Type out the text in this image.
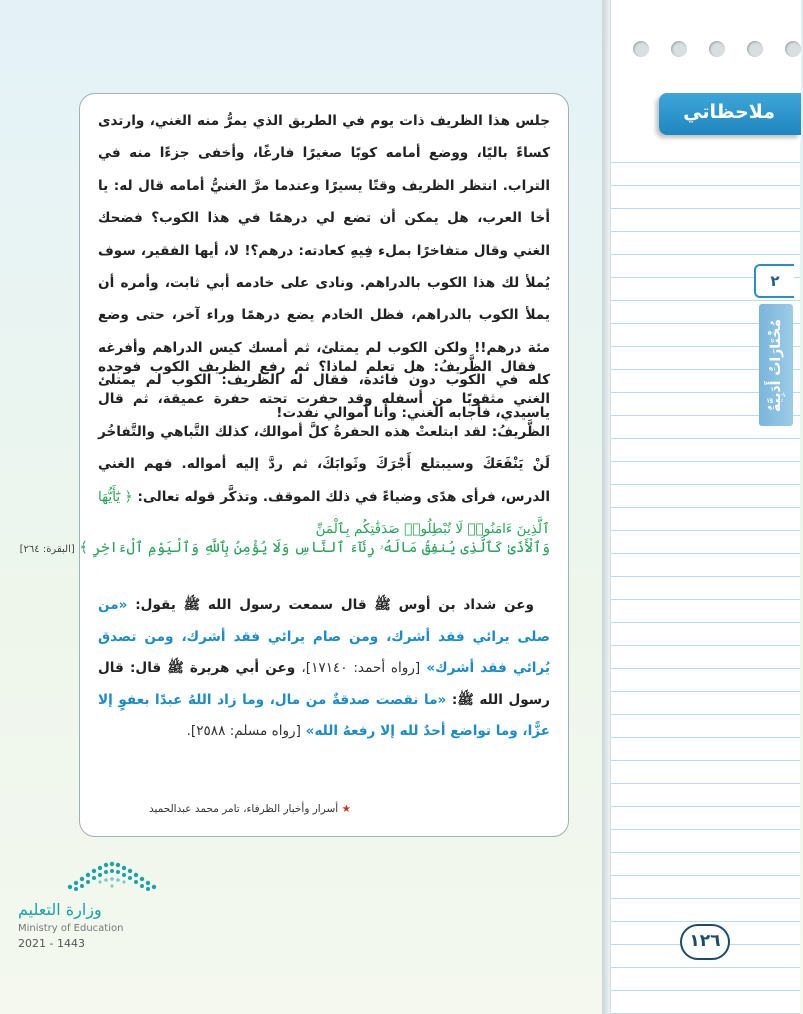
ملاحظاتي
٢
مُخْتَارَاتٌ أَدَبِيَّةٌ
جلس هذا الظريف ذات يوم في الطريق الذي يمرُّ منه الغني، وارتدى كساءً باليًا، ووضع أمامه كوبًا صغيرًا فارغًا، وأخفى جزءًا منه في التراب. انتظر الظريف وقتًا يسيرًا وعندما مرَّ الغنيُّ أمامه قال له: يا أخا العرب، هل يمكن أن تضع لي درهمًا في هذا الكوب؟ فضحك الغني وقال متفاخرًا بملء فِيهِ كعادته: درهم؟! لا، أيها الفقير، سوف يُملأ لك هذا الكوب بالدراهم. ونادى على خادمه أبي ثابت، وأمره أن يملأ الكوب بالدراهم، فظل الخادم يضع درهمًا وراء آخر، حتى وضع مئة درهم!! ولكن الكوب لم يمتلئ، ثم أمسك كيس الدراهم وأفرغه كله في الكوب دون فائدة، فقال له الظريف: الكوب لم يمتلئ ياسيدي، فأجابه الغني: وأنا أموالي نفدت!
فقال الظَّريفُ: هل تعلم لماذا؟ ثم رفع الظريف الكوب فوجده الغني مثقوبًا من أسفله وقد حفرت تحته حفرة عميقة، ثم قال الظَّريفُ: لقد ابتلعتْ هذه الحفرةُ كلَّ أموالك، كذلك التَّباهي والتَّفاخُر لَنْ يَنْفَعَكَ وسيبتلع أَجْرَكَ وثَوابَكَ، ثم ردَّ إليه أمواله. فهم الغني الدرس، فرأى هدًى وضياءً في ذلك الموقف. وتذكَّر قوله تعالى: ﴿ يَٰٓأَيُّهَا ٱلَّذِينَ ءَامَنُوا۟ لَا تُبْطِلُوا۟ صَدَقَٰتِكُم بِٱلْمَنِّ
وَٱلْأَذَىٰ كَٱلَّذِى يُنفِقُ مَالَهُۥ رِئَآءَ ٱلنَّاسِ وَلَا يُؤْمِنُ بِٱللَّهِ وَٱلْيَوْمِ ٱلْءَاخِرِ ﴾ [البقرة: ٢٦٤]
وعن شداد بن أوس ﷺ قال سمعت رسول الله ﷺ يقول: «من صلى يرائي فقد أشرك، ومن صام يرائي فقد أشرك، ومن تصدق يُرائي فقد أشرك» [رواه أحمد: ١٧١٤٠]، وعن أبي هريرة ﷺ قال: قال رسول الله ﷺ: «ما نقصت صدقةٌ من مال، وما زاد اللهُ عبدًا بعفوٍ إلا عزًّا، وما تواضع أحدٌ لله إلا رفعهُ الله» [رواه مسلم: ٢٥٨٨].
★ أسرار وأخبار الظرفاء، تامر محمد عبدالحميد
وزارة التعليم
Ministry of Education
2021 - 1443	١٢٦
